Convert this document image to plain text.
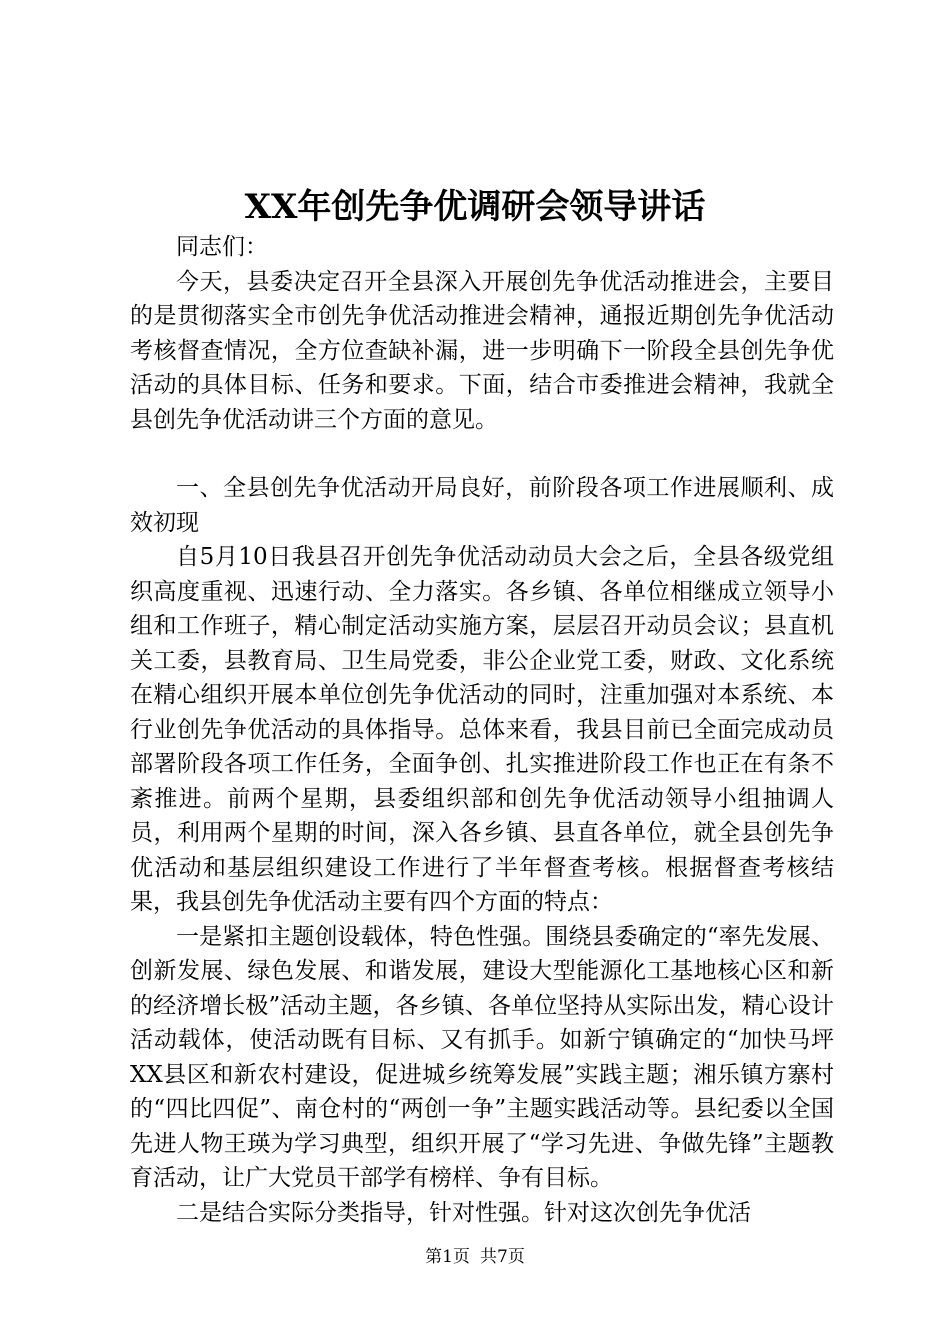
XX年创先争优调研会领导讲话

同志们：

今天，县委决定召开全县深入开展创先争优活动推进会，主要目的是贯彻落实全市创先争优活动推进会精神，通报近期创先争优活动考核督查情况，全方位查缺补漏，进一步明确下一阶段全县创先争优活动的具体目标、任务和要求。下面，结合市委推进会精神，我就全县创先争优活动讲三个方面的意见。

一、全县创先争优活动开局良好，前阶段各项工作进展顺利、成效初现

自5月10日我县召开创先争优活动动员大会之后，全县各级党组织高度重视、迅速行动、全力落实。各乡镇、各单位相继成立领导小组和工作班子，精心制定活动实施方案，层层召开动员会议；县直机关工委，县教育局、卫生局党委，非公企业党工委，财政、文化系统在精心组织开展本单位创先争优活动的同时，注重加强对本系统、本行业创先争优活动的具体指导。总体来看，我县目前已全面完成动员部署阶段各项工作任务，全面争创、扎实推进阶段工作也正在有条不紊推进。前两个星期，县委组织部和创先争优活动领导小组抽调人员，利用两个星期的时间，深入各乡镇、县直各单位，就全县创先争优活动和基层组织建设工作进行了半年督查考核。根据督查考核结果，我县创先争优活动主要有四个方面的特点：

一是紧扣主题创设载体，特色性强。围绕县委确定的“率先发展、创新发展、绿色发展、和谐发展，建设大型能源化工基地核心区和新的经济增长极”活动主题，各乡镇、各单位坚持从实际出发，精心设计活动载体，使活动既有目标、又有抓手。如新宁镇确定的“加快马坪XX县区和新农村建设，促进城乡统筹发展”实践主题；湘乐镇方寨村的“四比四促”、南仓村的“两创一争”主题实践活动等。县纪委以全国先进人物王瑛为学习典型，组织开展了“学习先进、争做先锋”主题教育活动，让广大党员干部学有榜样、争有目标。

二是结合实际分类指导，针对性强。针对这次创先争优活

第1页 共7页
